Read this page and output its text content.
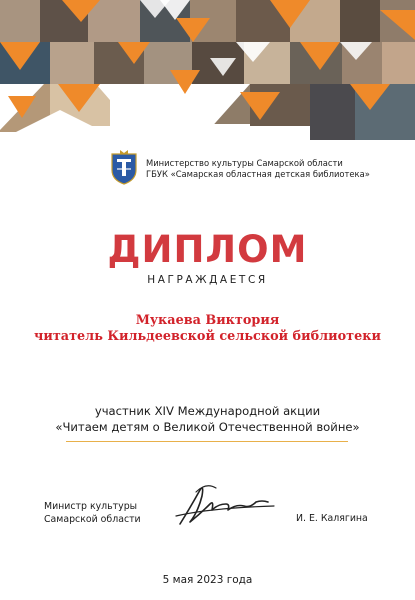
Министерство культуры Самарской области
ГБУК «Самарская областная детская библиотека»
ДИПЛОМ
НАГРАЖДАЕТСЯ
Мукаева Виктория
читатель Кильдеевской сельской библиотеки
участник XIV Международной акции
«Читаем детям о Великой Отечественной войне»
Министр культуры
Самарской области	И. Е. Калягина
5 мая 2023 года
